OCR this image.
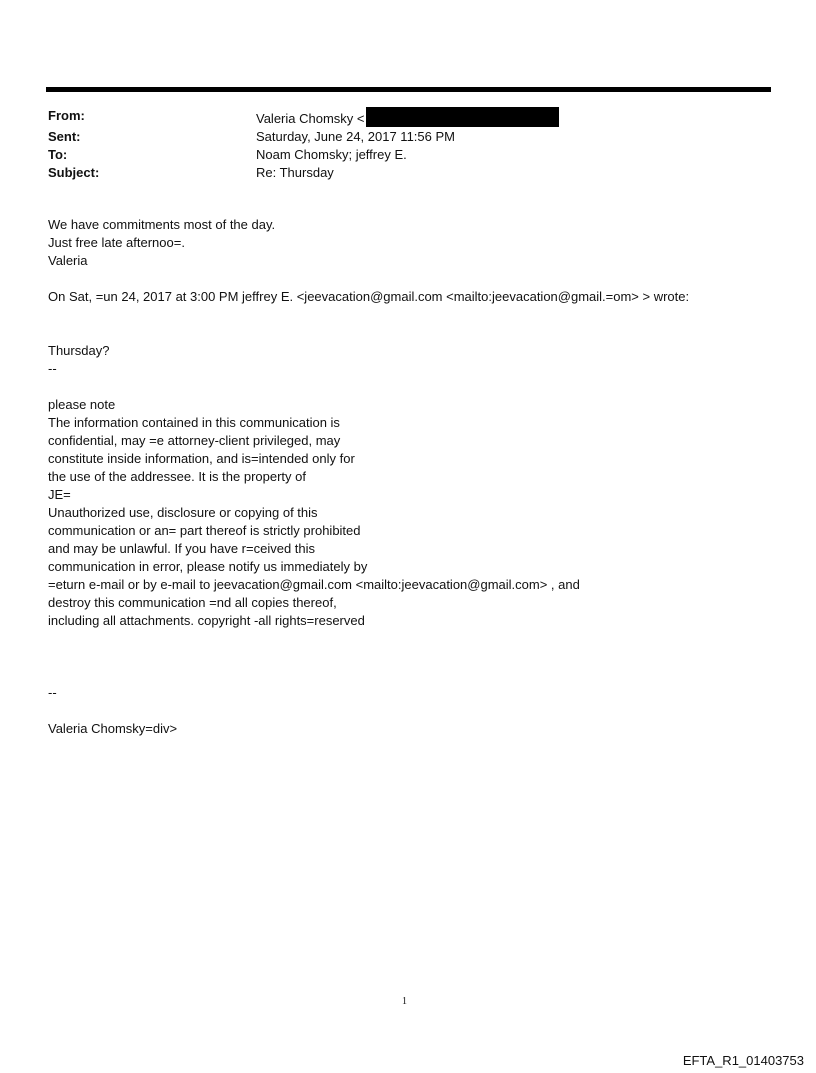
From:	Valeria Chomsky <
Sent:	Saturday, June 24, 2017 11:56 PM
To:	Noam Chomsky; jeffrey E.
Subject:	Re: Thursday

We have commitments most of the day.

Just free late afternoo=.

Valeria

On Sat, =un 24, 2017 at 3:00 PM jeffrey E. <jeevacation@gmail.com <mailto:jeevacation@gmail.=om> > wrote:

Thursday?

--

please note

The information contained in this communication is

confidential, may =e attorney-client privileged, may

constitute inside information, and is=intended only for

the use of the addressee. It is the property of

JE=

Unauthorized use, disclosure or copying of this

communication or an= part thereof is strictly prohibited

and may be unlawful. If you have r=ceived this

communication in error, please notify us immediately by

=eturn e-mail or by e-mail to jeevacation@gmail.com <mailto:jeevacation@gmail.com> , and

destroy this communication =nd all copies thereof,

including all attachments. copyright -all rights=reserved

--

Valeria Chomsky=div>

1
EFTA_R1_01403753
